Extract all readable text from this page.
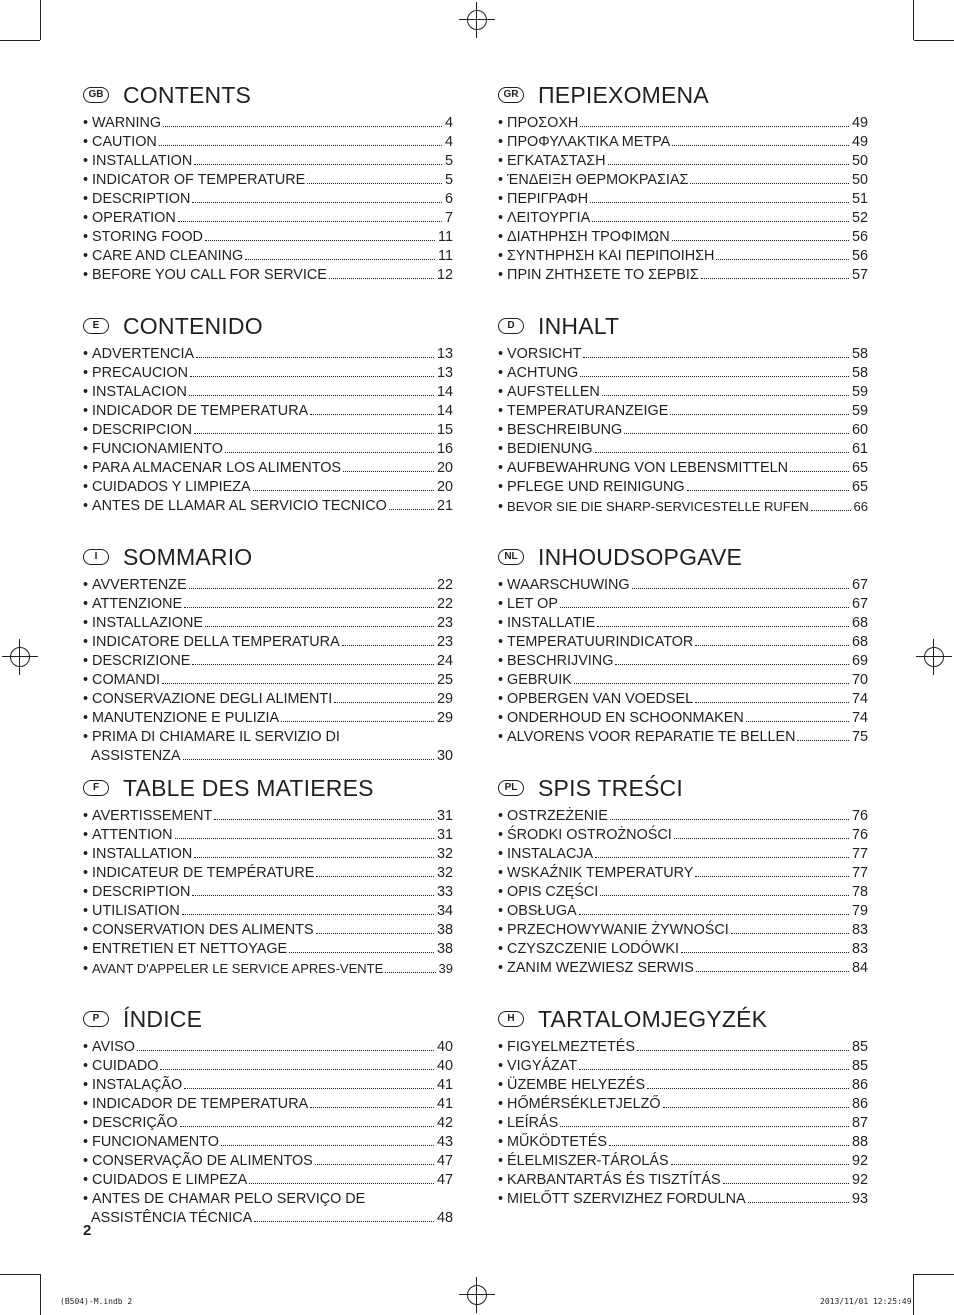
GB CONTENTS
• WARNING	4
• CAUTION	4
• INSTALLATION	5
• INDICATOR OF TEMPERATURE	5
• DESCRIPTION	6
• OPERATION	7
• STORING FOOD	11
• CARE AND CLEANING	11
• BEFORE YOU CALL FOR SERVICE	12
E	CONTENIDO
• ADVERTENCIA	13
• PRECAUCION	13
• INSTALACION	14
• INDICADOR DE TEMPERATURA	14
• DESCRIPCION	15
• FUNCIONAMIENTO	16
• PARA ALMACENAR LOS ALIMENTOS	20
• CUIDADOS Y LIMPIEZA	20
• ANTES DE LLAMAR AL SERVICIO TECNICO	21
I	SOMMARIO
• AVVERTENZE	22
• ATTENZIONE	22
• INSTALLAZIONE	23
• INDICATORE DELLA TEMPERATURA	23
• DESCRIZIONE	24
• COMANDI	25
• CONSERVAZIONE DEGLI ALIMENTI	29
• MANUTENZIONE E PULIZIA	29
• PRIMA DI CHIAMARE IL SERVIZIO DI
ASSISTENZA	30
F	TABLE DES MATIERES
• AVERTISSEMENT	31
• ATTENTION	31
• INSTALLATION	32
• INDICATEUR DE TEMPÉRATURE	32
• DESCRIPTION	33
• UTILISATION	34
• CONSERVATION DES ALIMENTS	38
• ENTRETIEN ET NETTOYAGE	38
• AVANT D'APPELER LE SERVICE APRES-VENTE	39
P	ÍNDICE
• AVISO	40
• CUIDADO	40
• INSTALAÇÃO	41
• INDICADOR DE TEMPERATURA	41
• DESCRIÇÃO	42
• FUNCIONAMENTO	43
• CONSERVAÇÃO DE ALIMENTOS	47
• CUIDADOS E LIMPEZA	47
• ANTES DE CHAMAR PELO SERVIÇO DE
ASSISTÊNCIA TÉCNICA	48
GR ΠΕΡΙΕΧΟΜΕΝΑ
• ΠΡΟΣΟΧΗ	49
• ΠΡΟΦΥΛΑΚΤΙΚΑ ΜΕΤΡΑ	49
• ΕΓΚΑΤΑΣΤΑΣΗ	50
• ΈΝΔΕΙΞΗ ΘΕΡΜΟΚΡΑΣΙΑΣ	50
• ΠΕΡΙΓΡΑΦΗ	51
• ΛΕΙΤΟΥΡΓΙΑ	52
• ΔΙΑΤΗΡΗΣΗ ΤΡΟΦΙΜΩΝ	56
• ΣΥΝΤΗΡΗΣΗ ΚΑΙ ΠΕΡΙΠΟΙΗΣΗ	56
• ΠΡΙΝ ΖΗΤΗΣΕΤΕ ΤΟ ΣΕΡΒΙΣ	57
D	INHALT
• VORSICHT	58
• ACHTUNG	58
• AUFSTELLEN	59
• TEMPERATURANZEIGE	59
• BESCHREIBUNG	60
• BEDIENUNG	61
• AUFBEWAHRUNG VON LEBENSMITTELN	65
• PFLEGE UND REINIGUNG	65
• BEVOR SIE DIE SHARP-SERVICESTELLE RUFEN	66
NL INHOUDSOPGAVE
• WAARSCHUWING	67
• LET OP	67
• INSTALLATIE	68
• TEMPERATUURINDICATOR	68
• BESCHRIJVING	69
• GEBRUIK	70
• OPBERGEN VAN VOEDSEL	74
• ONDERHOUD EN SCHOONMAKEN	74
• ALVORENS VOOR REPARATIE TE BELLEN	75
PL SPIS TREŚCI
• OSTRZEŻENIE	76
• ŚRODKI OSTROŻNOŚCI	76
• INSTALACJA	77
• WSKAŹNIK TEMPERATURY	77
• OPIS CZĘŚCI	78
• OBSŁUGA	79
• PRZECHOWYWANIE ŻYWNOŚCI	83
• CZYSZCZENIE LODÓWKI	83
• ZANIM WEZWIESZ SERWIS	84
H	TARTALOMJEGYZÉK
• FIGYELMEZTETÉS	85
• VIGYÁZAT	85
• ÜZEMBE HELYEZÉS	86
• HŐMÉRSÉKLETJELZŐ	86
• LEÍRÁS	87
• MŰKÖDTETÉS	88
• ÉLELMISZER-TÁROLÁS	92
• KARBANTARTÁS ÉS TISZTÍTÁS	92
• MIELŐTT SZERVIZHEZ FORDULNA	93
2
(B504)-M.indb 2	2013/11/01 12:25:49
